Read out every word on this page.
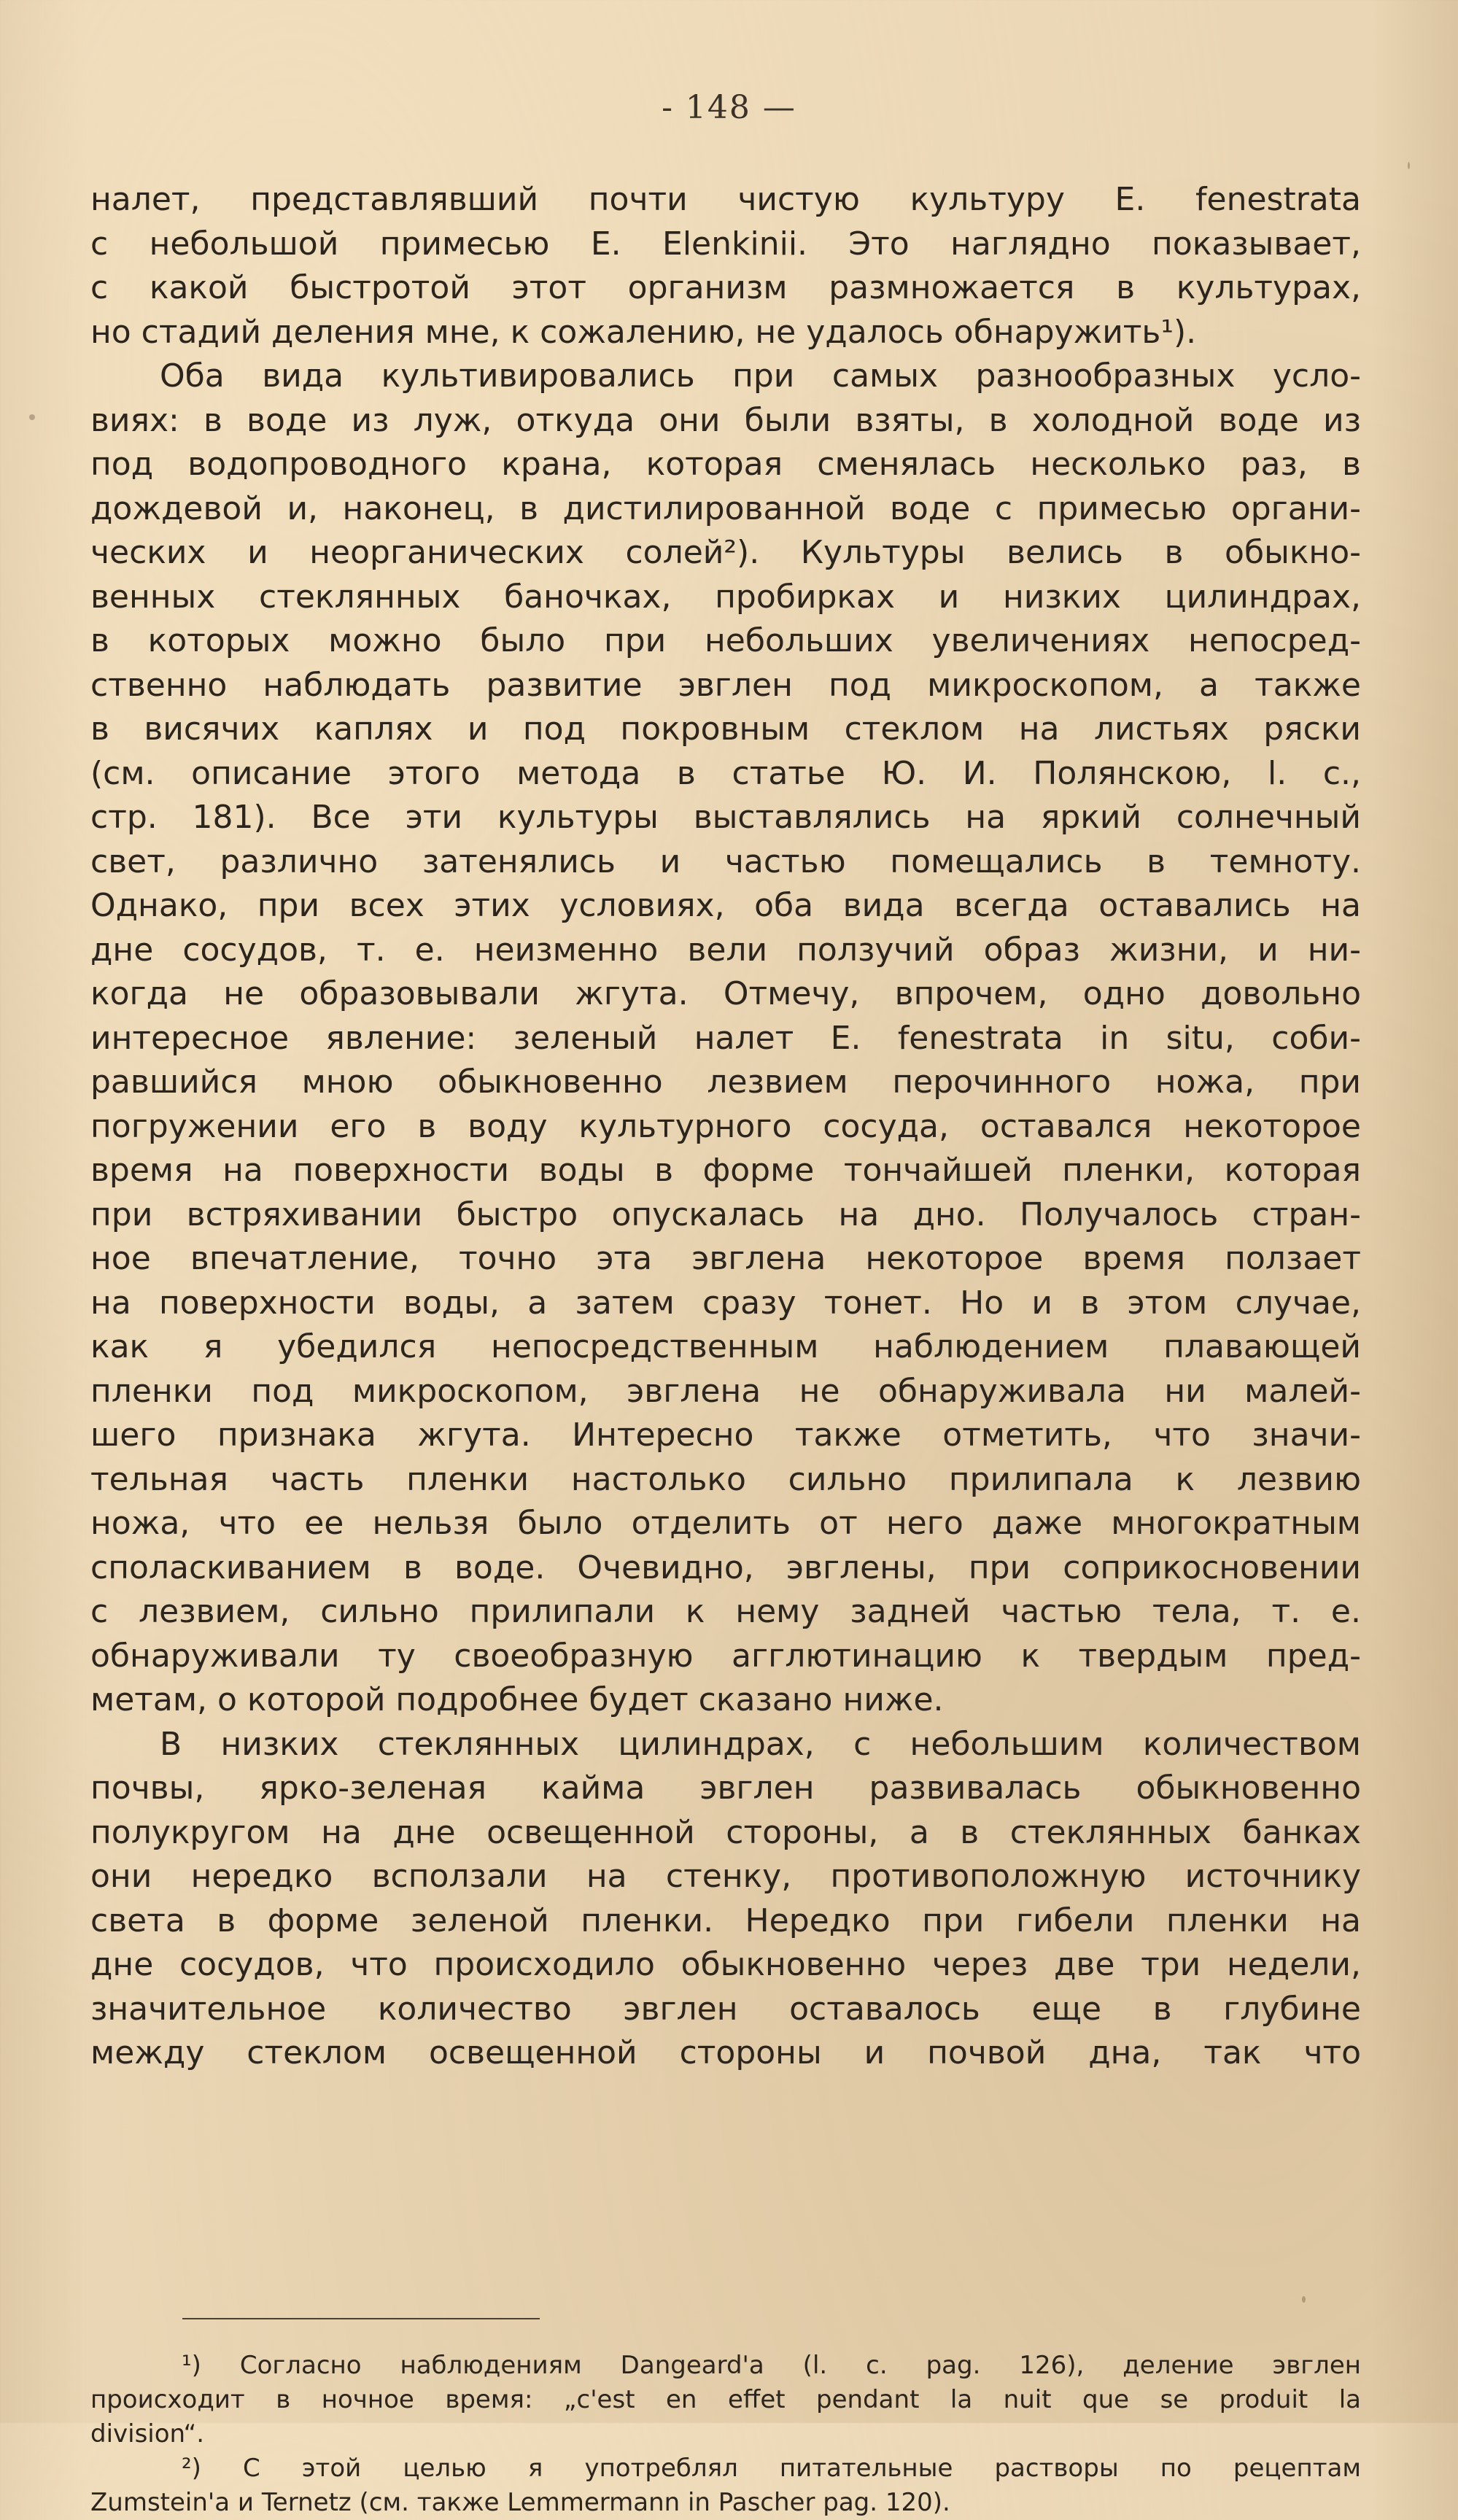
- 148 —

налет, представлявший почти чистую культуру E. fenestrata

с небольшой примесью E. Elenkinii. Это наглядно показывает,

с какой быстротой этот организм размножается в культурах,

но стадий деления мне, к сожалению, не удалось обнаружить¹).

Оба вида культивировались при самых разнообразных усло-

виях: в воде из луж, откуда они были взяты, в холодной воде из

под водопроводного крана, которая сменялась несколько раз, в

дождевой и, наконец, в дистилированной воде с примесью органи-

ческих и неорганических солей²). Культуры велись в обыкно-

венных стеклянных баночках, пробирках и низких цилиндрах,

в которых можно было при небольших увеличениях непосред-

ственно наблюдать развитие эвглен под микроскопом, а также

в висячих каплях и под покровным стеклом на листьях ряски

(см. описание этого метода в статье Ю. И. Полянскою, l. c.,

стр. 181). Все эти культуры выставлялись на яркий солнечный

свет, различно затенялись и частью помещались в темноту.

Однако, при всех этих условиях, оба вида всегда оставались на

дне сосудов, т. е. неизменно вели ползучий образ жизни, и ни-

когда не образовывали жгута. Отмечу, впрочем, одно довольно

интересное явление: зеленый налет E. fenestrata in situ, соби-

равшийся мною обыкновенно лезвием перочинного ножа, при

погружении его в воду культурного сосуда, оставался некоторое

время на поверхности воды в форме тончайшей пленки, которая

при встряхивании быстро опускалась на дно. Получалось стран-

ное впечатление, точно эта эвглена некоторое время ползает

на поверхности воды, а затем сразу тонет. Но и в этом случае,

как я убедился непосредственным наблюдением плавающей

пленки под микроскопом, эвглена не обнаруживала ни малей-

шего признака жгута. Интересно также отметить, что значи-

тельная часть пленки настолько сильно прилипала к лезвию

ножа, что ее нельзя было отделить от него даже многократным

споласкиванием в воде. Очевидно, эвглены, при соприкосновении

с лезвием, сильно прилипали к нему задней частью тела, т. е.

обнаруживали ту своеобразную агглютинацию к твердым пред-

метам, о которой подробнее будет сказано ниже.

В низких стеклянных цилиндрах, с небольшим количеством

почвы, ярко-зеленая кайма эвглен развивалась обыкновенно

полукругом на дне освещенной стороны, а в стеклянных банках

они нередко всползали на стенку, противоположную источнику

света в форме зеленой пленки. Нередко при гибели пленки на

дне сосудов, что происходило обыкновенно через две три недели,

значительное количество эвглен оставалось еще в глубине

между стеклом освещенной стороны и почвой дна, так что

¹) Согласно наблюдениям Dangeard'a (l. c. pag. 126), деление эвглен

происходит в ночное время: „c'est en effet pendant la nuit que se produit la

division“.

²) С этой целью я употреблял питательные растворы по рецептам

Zumstein'a и Ternetz (см. также Lemmermann in Pascher pag. 120).
